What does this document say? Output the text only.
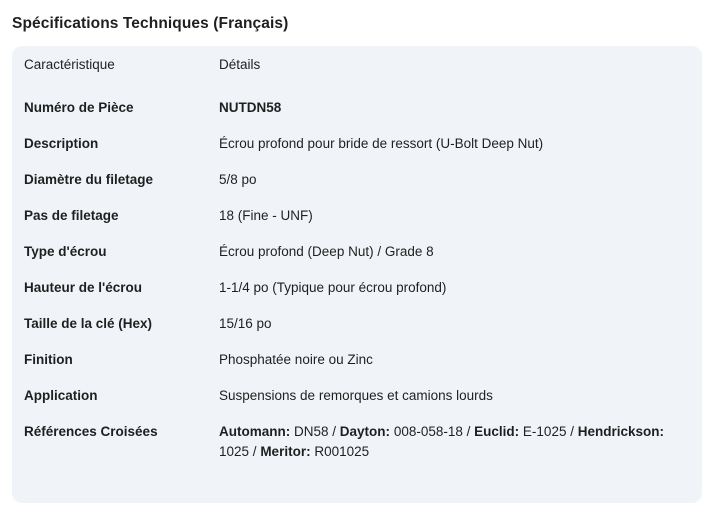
Spécifications Techniques (Français)
Caractéristique	Détails
Numéro de Pièce	NUTDN58
Description	Écrou profond pour bride de ressort (U-Bolt Deep Nut)
Diamètre du filetage	5/8 po
Pas de filetage	18 (Fine - UNF)
Type d'écrou	Écrou profond (Deep Nut) / Grade 8
Hauteur de l'écrou	1-1/4 po (Typique pour écrou profond)
Taille de la clé (Hex)	15/16 po
Finition	Phosphatée noire ou Zinc
Application	Suspensions de remorques et camions lourds
Références Croisées	Automann: DN58 / Dayton: 008-058-18 / Euclid: E-1025 / Hendrickson: 1025 / Meritor: R001025
